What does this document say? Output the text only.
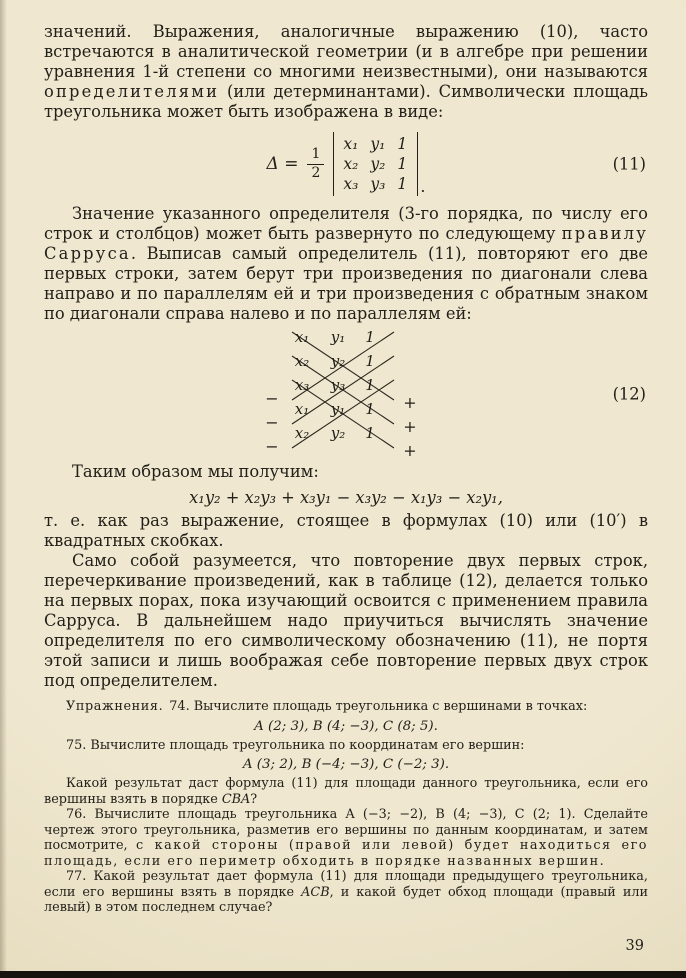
значений. Выражения, аналогичные выражению (10), часто встречаются в аналитической геометрии (и в алгебре при решении уравнения 1-й степени со многими неизвестными), они называются определителями (или детерминантами). Символически площадь треугольника может быть изображена в виде:

$\Delta = \frac{1}{2}$
x₁ y₁ 1
x₂ y₂ 1
x₃ y₃ 1 .
(11)

Значение указанного определителя (3-го порядка, по числу его строк и столбцов) может быть развернуто по следующему правилу Сарруса. Выписав самый определитель (11), повторяют его две первых строки, затем берут три произведения по диагонали слева направо и по параллелям ей и три произведения с обратным знаком по диагонали справа налево и по параллелям ей:

x₁ y₁ 1
x₂ y₂ 1
x₃ y₃ 1
x₁ y₁ 1
x₂ y₂ 1
−
−
−
+
+
+
(12)

Таким образом мы получим:

x₁y₂ + x₂y₃ + x₃y₁ − x₃y₂ − x₁y₃ − x₂y₁,

т. е. как раз выражение, стоящее в формулах (10) или (10′) в квадратных скобках.

Само собой разумеется, что повторение двух первых строк, перечеркивание произведений, как в таблице (12), делается только на первых порах, пока изучающий освоится с применением правила Сарруса. В дальнейшем надо приучиться вычислять значение определителя по его символическому обозначению (11), не портя этой записи и лишь воображая себе повторение первых двух строк под определителем.

Упражнения. 74. Вычислите площадь треугольника с вершинами в точках:

A (2; 3), B (4; −3), C (8; 5).

75. Вычислите площадь треугольника по координатам его вершин:

A (3; 2), B (−4; −3), C (−2; 3).

Какой результат даст формула (11) для площади данного треугольника, если его вершины взять в порядке CBA?

76. Вычислите площадь треугольника A (−3; −2), B (4; −3), C (2; 1). Сделайте чертеж этого треугольника, разметив его вершины по данным координатам, и затем посмотрите, с какой стороны (правой или левой) будет находиться его площадь, если его периметр обходить в порядке названных вершин.

77. Какой результат дает формула (11) для площади предыдущего треугольника, если его вершины взять в порядке ACB, и какой будет обход площади (правый или левый) в этом последнем случае?

39
